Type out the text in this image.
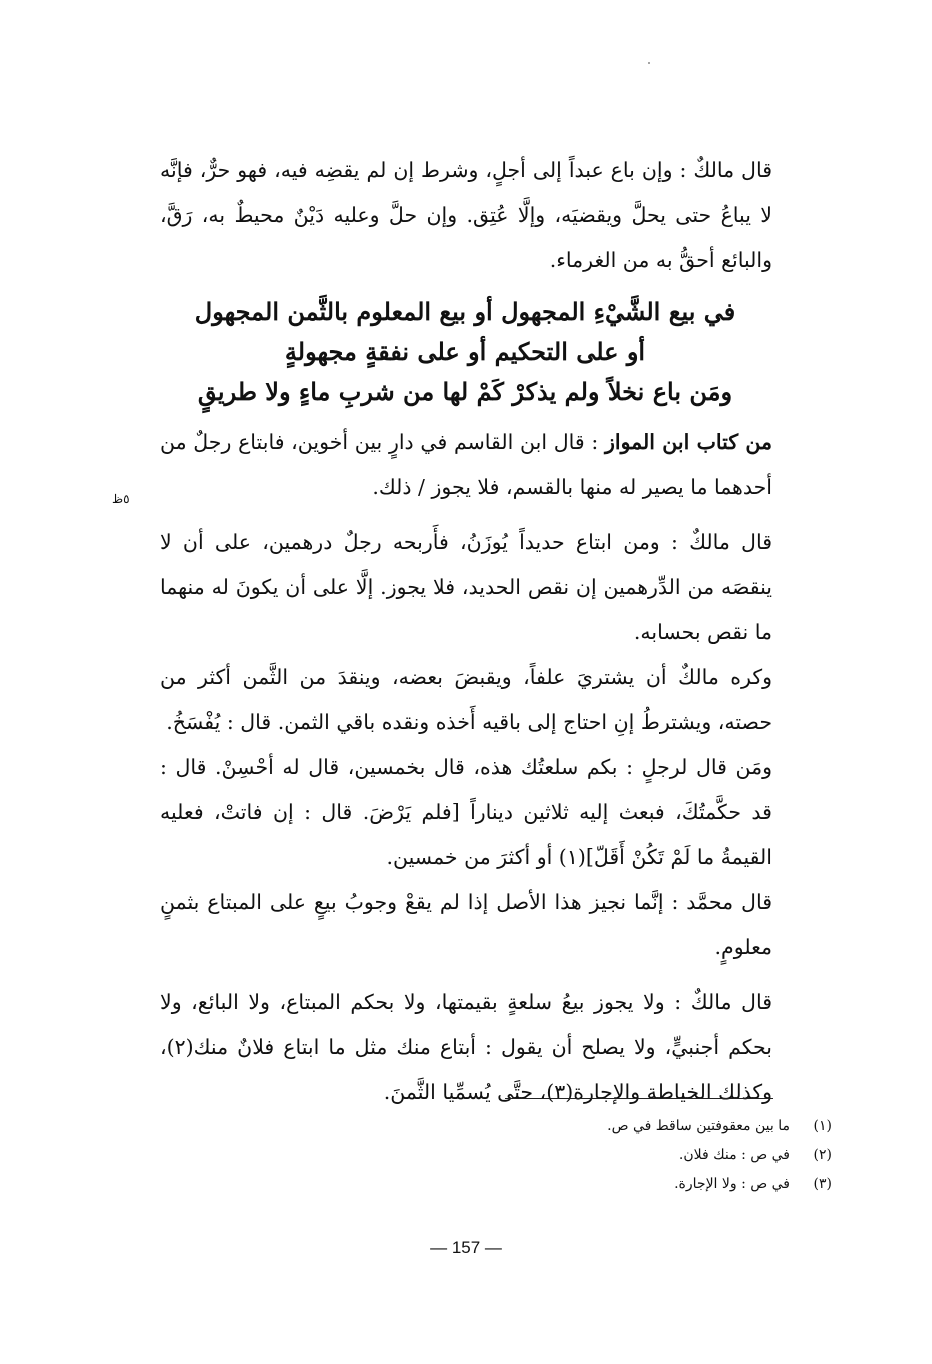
قال مالكٌ : وإن باع عبداً إلى أجلٍ، وشرط إن لم يقضِه فيه، فهو حرٌّ، فإنَّه لا يباعُ حتى يحلَّ ويقضيَه، وإلَّا عُتِق. وإن حلَّ وعليه دَيْنٌ محيطٌ به، رَقَّ، والبائع أحقُّ به من الغرماء.

في بيع الشَّيْءِ المجهول أو بيع المعلوم بالثَّمن المجهول
أو على التحكيم أو على نفقةٍ مجهولةٍ
ومَن باع نخلاً ولم يذكرْ كَمْ لها من شربِ ماءٍ ولا طريقٍ

من كتاب ابن المواز : قال ابن القاسم في دارٍ بين أخوين، فابتاع رجلٌ من أحدهما ما يصير له منها بالقسم، فلا يجوز / ذلك.

قال مالكٌ : ومن ابتاع حديداً يُوزَنُ، فأَربحه رجلٌ درهمين، على أن لا ينقصَه من الدِّرهمين إن نقص الحديد، فلا يجوز. إلَّا على أن يكونَ له منهما ما نقص بحسابه.

وكره مالكٌ أن يشتريَ علفاً، ويقبضَ بعضه، وينقدَ من الثَّمن أكثر من حصته، ويشترطُ إنِ احتاج إلى باقيه أَخذه ونقده باقي الثمن. قال : يُفْسَخُ.

ومَن قال لرجلٍ : بكم سلعتُك هذه، قال بخمسين، قال له أحْسِنْ. قال : قد حكَّمتُكَ، فبعث إليه ثلاثين ديناراً [فلم يَرْضَ. قال : إن فاتتْ، فعليه القيمةُ ما لَمْ تَكُنْ أَقَلّ](١) أو أكثرَ من خمسين.

قال محمَّد : إنَّما نجيز هذا الأصل إذا لم يقعْ وجوبُ بيعٍ على المبتاع بثمنٍ معلومٍ.

قال مالكٌ : ولا يجوز بيعُ سلعةٍ بقيمتها، ولا بحكم المبتاع، ولا البائع، ولا بحكم أجنبيٍّ، ولا يصلح أن يقول : أبتاع منك مثل ما ابتاع فلانٌ منك(٢)، وكذلك الخياطة والإجارة(٣)، حتَّى يُسمِّيا الثَّمنَ.

٥ظ
(١)ما بين معقوفتين ساقط في ص.
(٢)في ص : منك فلان.
(٣)في ص : ولا الإجارة.
— 157 —
